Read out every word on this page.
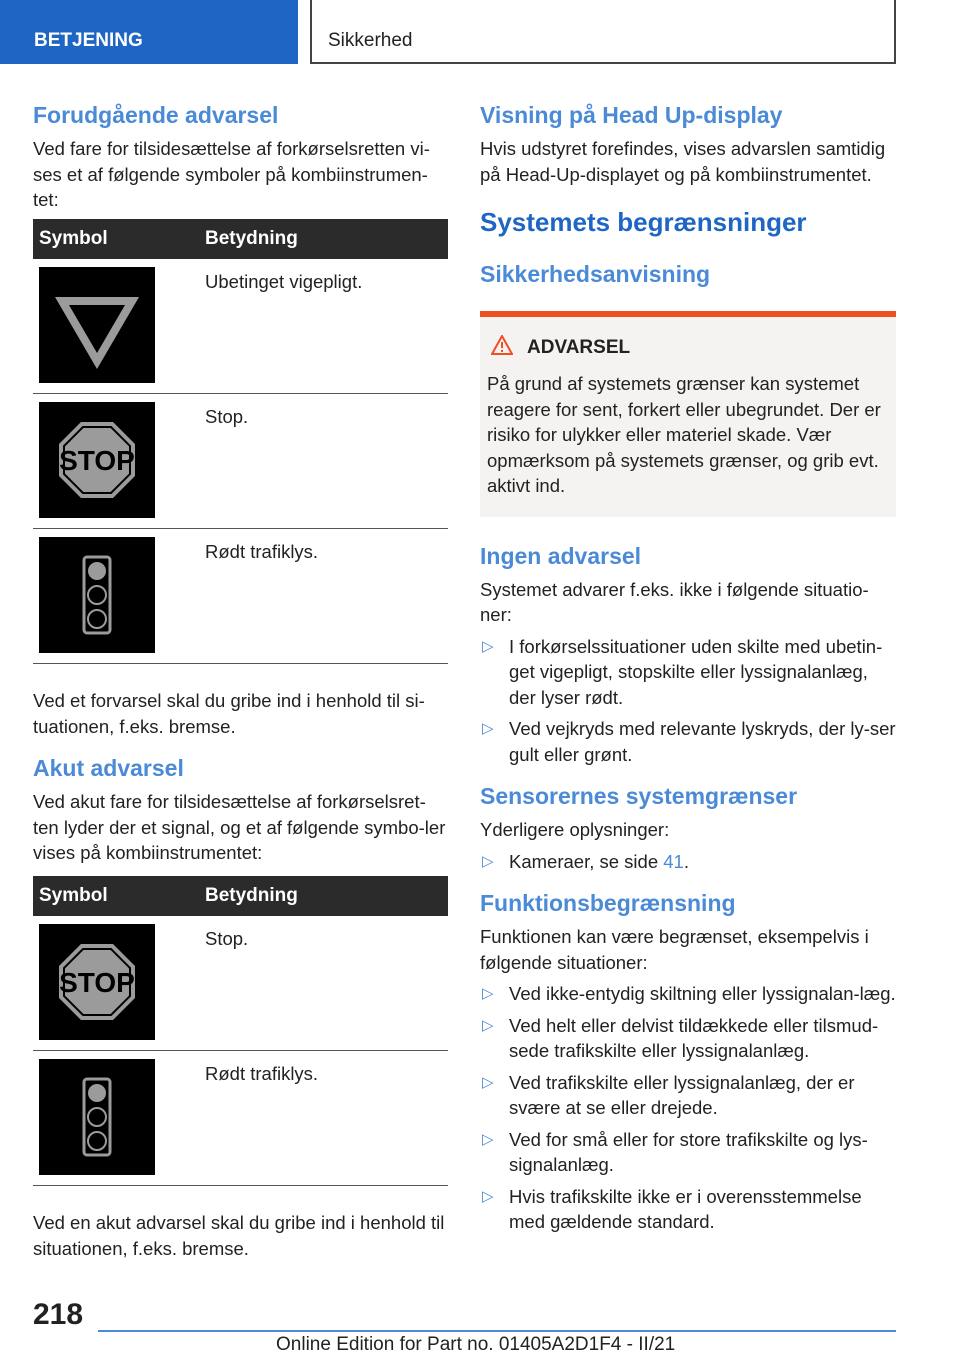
BETJENING	Sikkerhed
Forudgående advarsel

Ved fare for tilsidesættelse af forkørselsretten vi-ses et af følgende symboler på kombiinstrumen-tet:

Symbol	Betydning

	Ubetinget vigepligt.

STOP	Stop.

	Rødt trafiklys.

Ved et forvarsel skal du gribe ind i henhold til si-tuationen, f.eks. bremse.

Akut advarsel

Ved akut fare for tilsidesættelse af forkørselsret-ten lyder der et signal, og et af følgende symbo-ler vises på kombiinstrumentet:

Symbol	Betydning

STOP	Stop.

	Rødt trafiklys.

Ved en akut advarsel skal du gribe ind i henhold til situationen, f.eks. bremse.

Visning på Head Up-display

Hvis udstyret forefindes, vises advarslen samtidig på Head-Up-displayet og på kombiinstrumentet.

Systemets begrænsninger
Sikkerhedsanvisning
ADVARSEL

På grund af systemets grænser kan systemet reagere for sent, forkert eller ubegrundet. Der er risiko for ulykker eller materiel skade. Vær opmærksom på systemets grænser, og grib evt. aktivt ind.

Ingen advarsel

Systemet advarer f.eks. ikke i følgende situatio-ner:

▷ I forkørselssituationer uden skilte med ubetin-get vigepligt, stopskilte eller lyssignalanlæg, der lyser rødt.
▷ Ved vejkryds med relevante lyskryds, der ly-ser gult eller grønt.
Sensorernes systemgrænser

Yderligere oplysninger:

▷ Kameraer, se side 41.
Funktionsbegrænsning

Funktionen kan være begrænset, eksempelvis i følgende situationer:

▷ Ved ikke-entydig skiltning eller lyssignalan-læg.
▷ Ved helt eller delvist tildækkede eller tilsmud-sede trafikskilte eller lyssignalanlæg.
▷ Ved trafikskilte eller lyssignalanlæg, der er svære at se eller drejede.
▷ Ved for små eller for store trafikskilte og lys-signalanlæg.
▷ Hvis trafikskilte ikke er i overensstemmelse med gældende standard.
218
Online Edition for Part no. 01405A2D1F4 - II/21
